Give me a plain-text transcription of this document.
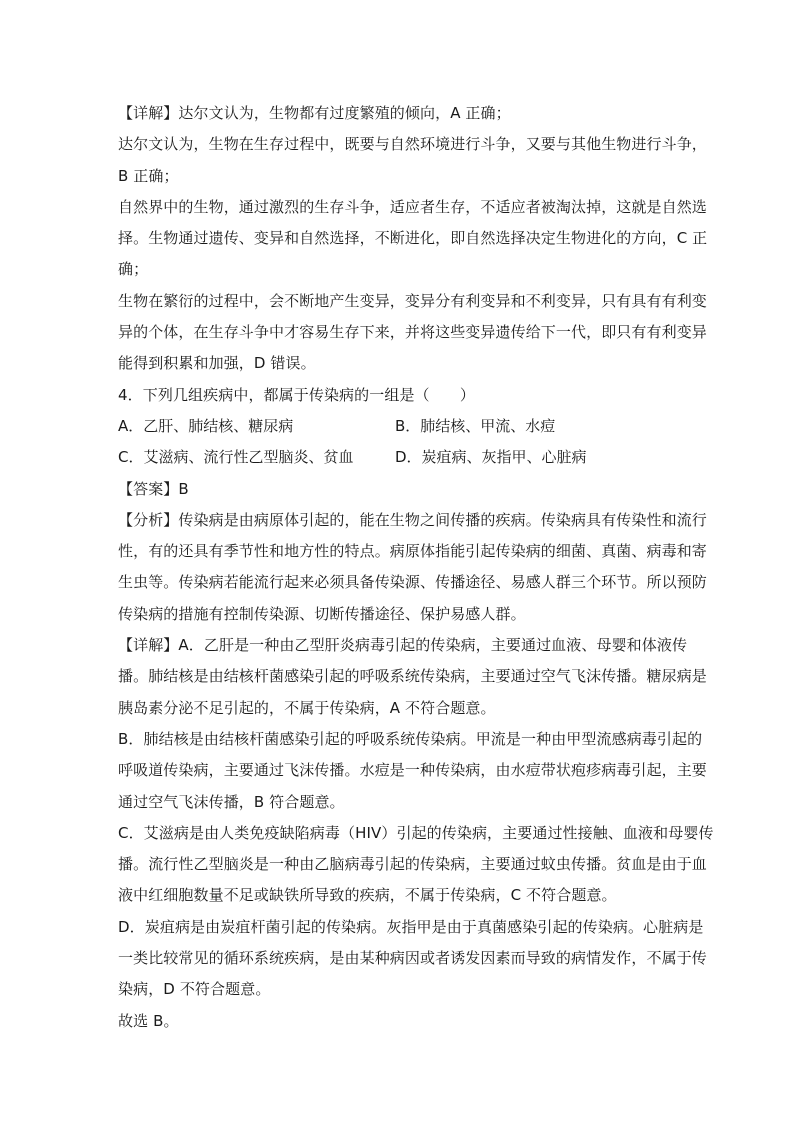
【详解】达尔文认为，生物都有过度繁殖的倾向，A 正确；
达尔文认为，生物在生存过程中，既要与自然环境进行斗争，又要与其他生物进行斗争，
B 正确；
自然界中的生物，通过激烈的生存斗争，适应者生存，不适应者被淘汰掉，这就是自然选
择。生物通过遗传、变异和自然选择，不断进化，即自然选择决定生物进化的方向，C 正
确；
生物在繁衍的过程中，会不断地产生变异，变异分有利变异和不利变异，只有具有有利变
异的个体，在生存斗争中才容易生存下来，并将这些变异遗传给下一代，即只有有利变异
能得到积累和加强，D 错误。
4．下列几组疾病中，都属于传染病的一组是（　　）
A．乙肝、肺结核、糖尿病	B．肺结核、甲流、水痘
C．艾滋病、流行性乙型脑炎、贫血	D．炭疽病、灰指甲、心脏病
【答案】B
【分析】传染病是由病原体引起的，能在生物之间传播的疾病。传染病具有传染性和流行
性，有的还具有季节性和地方性的特点。病原体指能引起传染病的细菌、真菌、病毒和寄
生虫等。传染病若能流行起来必须具备传染源、传播途径、易感人群三个环节。所以预防
传染病的措施有控制传染源、切断传播途径、保护易感人群。
【详解】A．乙肝是一种由乙型肝炎病毒引起的传染病，主要通过血液、母婴和体液传
播。肺结核是由结核杆菌感染引起的呼吸系统传染病，主要通过空气飞沫传播。糖尿病是
胰岛素分泌不足引起的，不属于传染病，A 不符合题意。
B．肺结核是由结核杆菌感染引起的呼吸系统传染病。甲流是一种由甲型流感病毒引起的
呼吸道传染病，主要通过飞沫传播。水痘是一种传染病，由水痘带状疱疹病毒引起，主要
通过空气飞沫传播，B 符合题意。
C．艾滋病是由人类免疫缺陷病毒（HIV）引起的传染病，主要通过性接触、血液和母婴传
播。流行性乙型脑炎是一种由乙脑病毒引起的传染病，主要通过蚊虫传播。贫血是由于血
液中红细胞数量不足或缺铁所导致的疾病，不属于传染病，C 不符合题意。
D．炭疽病是由炭疽杆菌引起的传染病。灰指甲是由于真菌感染引起的传染病。心脏病是
一类比较常见的循环系统疾病，是由某种病因或者诱发因素而导致的病情发作，不属于传
染病，D 不符合题意。
故选 B。
